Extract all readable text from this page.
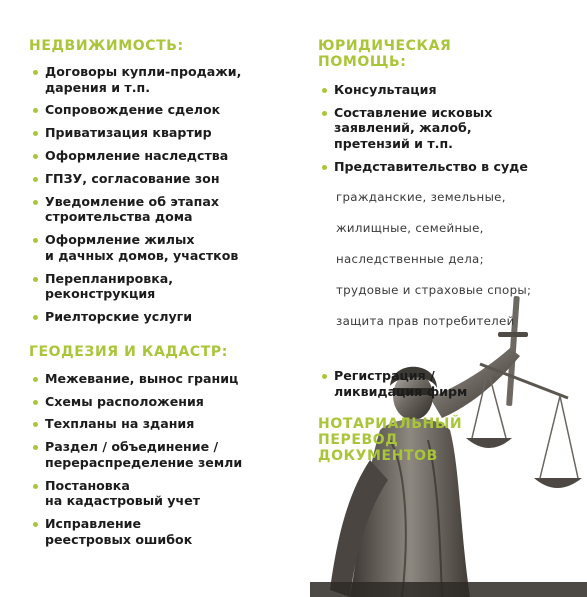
НЕДВИЖИМОСТЬ:
Договоры купли-продажи,
дарения и т.п.
Сопровождение сделок
Приватизация квартир
Оформление наследства
ГПЗУ, согласование зон
Уведомление об этапах
строительства дома
Оформление жилых
и дачных домов, участков
Перепланировка,
реконструкция
Риелторские услуги
ГЕОДЕЗИЯ И КАДАСТР:
Межевание, вынос границ
Схемы расположения
Техпланы на здания
Раздел / объединение /
перераспределение земли
Постановка
на кадастровый учет
Исправление
реестровых ошибок
ЮРИДИЧЕСКАЯ
ПОМОЩЬ:
Консультация
Составление исковых
заявлений, жалоб,
претензий и т.п.
Представительство в суде

гражданские, земельные,

жилищные, семейные,

наследственные дела;

трудовые и страховые споры;

защита прав потребителей

Регистрация /
ликвидация фирм
НОТАРИАЛЬНЫЙ
ПЕРЕВОД
ДОКУМЕНТОВ
